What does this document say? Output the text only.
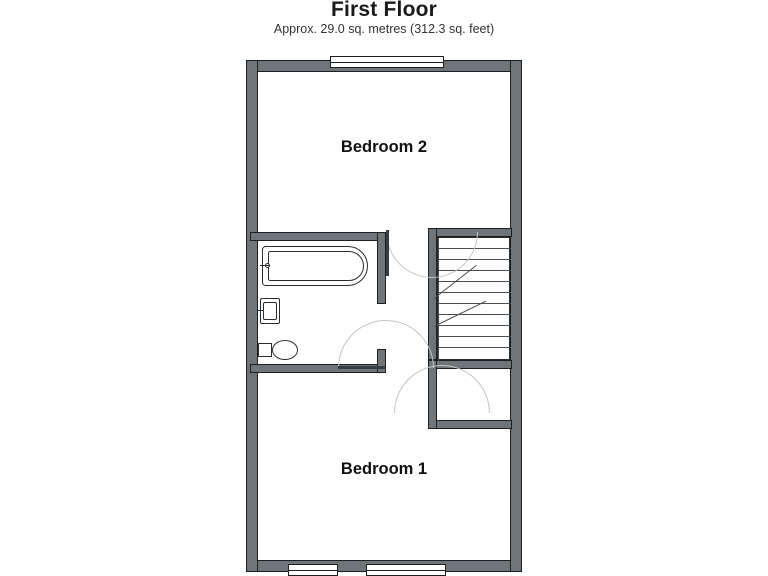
First Floor
Approx. 29.0 sq. metres (312.3 sq. feet)
Bedroom 2
Bedroom 1
